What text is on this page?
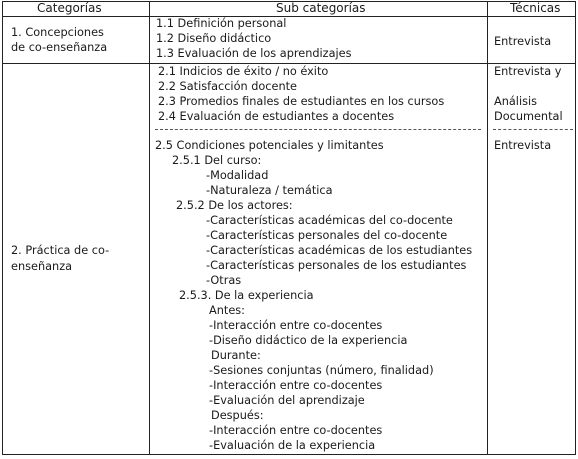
Categorías	Sub categorías	Técnicas
1. Concepciones
de co-enseñanza
1.1 Definición personal
1.2 Diseño didáctico
1.3 Evaluación de los aprendizajes
Entrevista
2. Práctica de co-
enseñanza
2.1 Indicios de éxito / no éxito
2.2 Satisfacción docente
2.3 Promedios finales de estudiantes en los cursos
2.4 Evaluación de estudiantes a docentes
Entrevista y
Análisis
Documental
2.5 Condiciones potenciales y limitantes
2.5.1 Del curso:
-Modalidad
-Naturaleza / temática
2.5.2 De los actores:
-Características académicas del co-docente
-Características personales del co-docente
-Características académicas de los estudiantes
-Características personales de los estudiantes
-Otras
2.5.3. De la experiencia
Antes:
-Interacción entre co-docentes
-Diseño didáctico de la experiencia
Durante:
-Sesiones conjuntas (número, finalidad)
-Interacción entre co-docentes
-Evaluación del aprendizaje
Después:
-Interacción entre co-docentes
-Evaluación de la experiencia
Entrevista
